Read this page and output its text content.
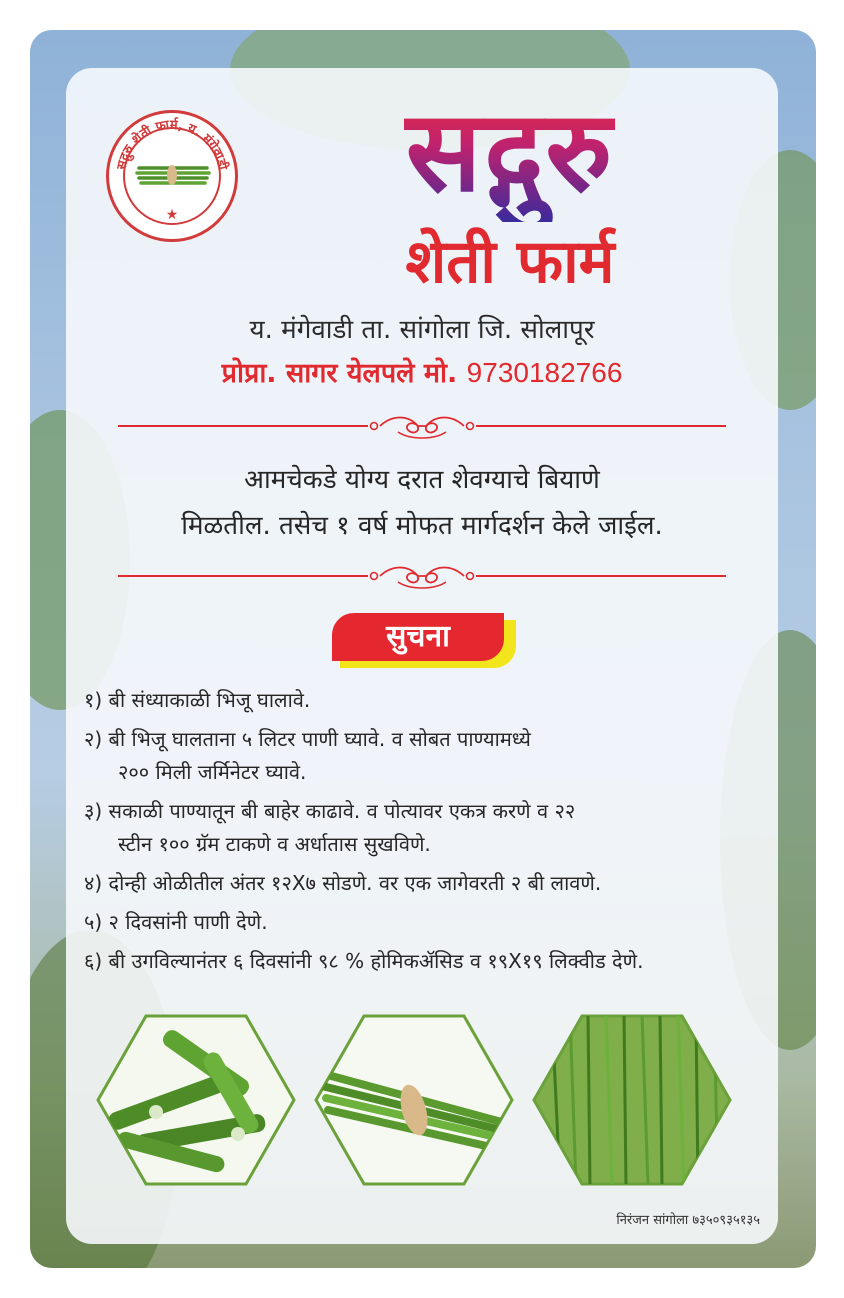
सद्गुरु शेती फार्म, य. मंगेवाडी
★	सद्गुरु
शेती फार्म
य. मंगेवाडी ता. सांगोला जि. सोलापूर
प्रोप्रा. सागर येलपले मो. 9730182766
आमचेकडे योग्य दरात शेवग्याचे बियाणे
मिळतील. तसेच १ वर्ष मोफत मार्गदर्शन केले जाईल.
सुचना
१) बी संध्याकाळी भिजू घालावे.
२) बी भिजू घालताना ५ लिटर पाणी घ्यावे. व सोबत पाण्यामध्ये
२०० मिली जर्मिनेटर घ्यावे.
३) सकाळी पाण्यातून बी बाहेर काढावे. व पोत्यावर एकत्र करणे व २२
स्टीन १०० ग्रॅम टाकणे व अर्धातास सुखविणे.
४) दोन्ही ओळीतील अंतर १२X७ सोडणे. वर एक जागेवरती २ बी लावणे.
५) २ दिवसांनी पाणी देणे.
६) बी उगविल्यानंतर ६ दिवसांनी ९८ % होमिकॲसिड व १९X१९ लिक्वीड देणे.
निरंजन सांगोला ७३५०९३५१३५
